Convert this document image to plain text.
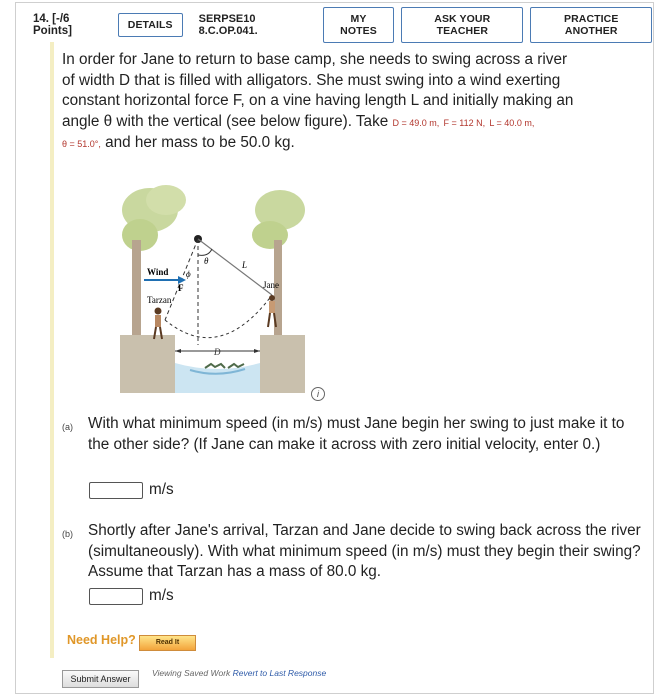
14. [-/6 Points]	DETAILS	SERPSE10 8.C.OP.041.
MY NOTES
ASK YOUR TEACHER
PRACTICE ANOTHER
In order for Jane to return to base camp, she needs to swing across a river
of width D that is filled with alligators. She must swing into a wind exerting
constant horizontal force F, on a vine having length L and initially making an
angle θ with the vertical (see below figure). Take D = 49.0 m, F = 112 N, L = 40.0 m,
θ = 51.0°, and her mass to be 50.0 kg.
Wind
F
Tarzan
Jane
θ
ϕ
L
D
i
(a) With what minimum speed (in m/s) must Jane begin her swing to just make it to the other side? (If Jane can make it across with zero initial velocity, enter 0.)
m/s
(b) Shortly after Jane's arrival, Tarzan and Jane decide to swing back across the river (simultaneously). With what minimum speed (in m/s) must they begin their swing? Assume that Tarzan has a mass of 80.0 kg.
m/s
Need Help?	Read It
Submit Answer
Viewing Saved Work Revert to Last Response
